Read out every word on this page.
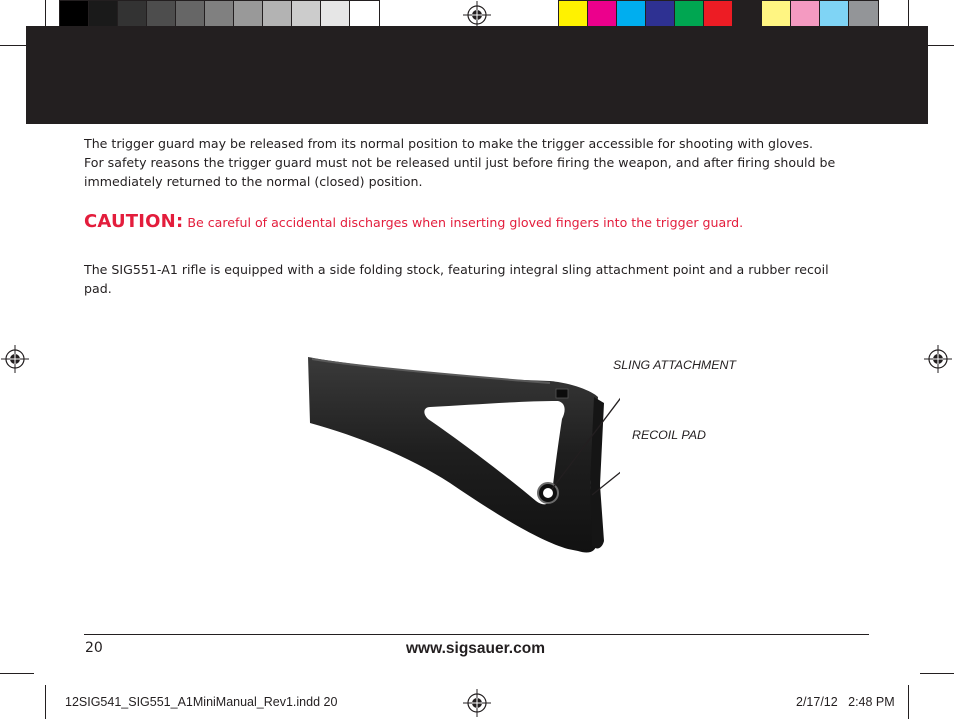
The trigger guard may be released from its normal position to make the trigger accessible for shooting with gloves.
For safety reasons the trigger guard must not be released until just before firing the weapon, and after firing should be
immediately returned to the normal (closed) position.
CAUTION: Be careful of accidental discharges when inserting gloved fingers into the trigger guard.
The SIG551-A1 rifle is equipped with a side folding stock, featuring integral sling attachment point and a rubber recoil
pad.
SLING ATTACHMENT
RECOIL PAD
20	www.sigsauer.com
12SIG541_SIG551_A1MiniManual_Rev1.indd 20	2/17/12   2:48 PM
